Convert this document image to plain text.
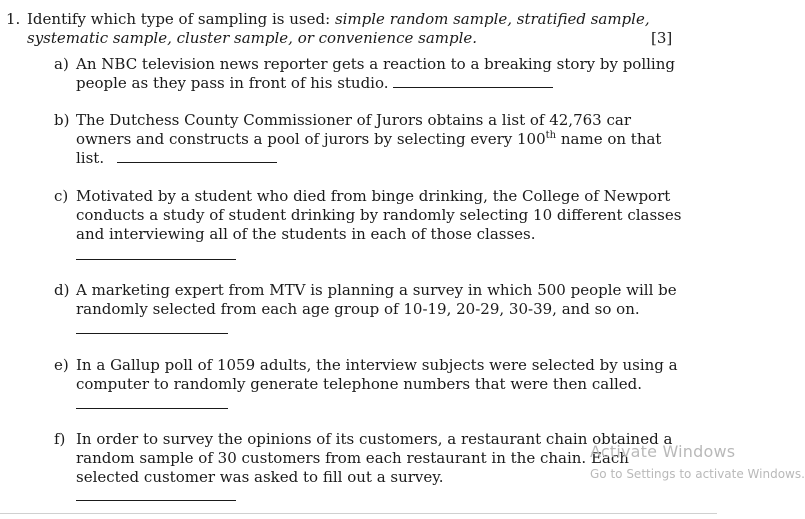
1. Identify which type of sampling is used: simple random sample, stratified sample,
systematic sample, cluster sample, or convenience sample.	[3]
a) An NBC television news reporter gets a reaction to a breaking story by polling
people as they pass in front of his studio.
b) The Dutchess County Commissioner of Jurors obtains a list of 42,763 car
owners and constructs a pool of jurors by selecting every 100th name on that
list.
c) Motivated by a student who died from binge drinking, the College of Newport
conducts a study of student drinking by randomly selecting 10 different classes
and interviewing all of the students in each of those classes.
d) A marketing expert from MTV is planning a survey in which 500 people will be
randomly selected from each age group of 10-19, 20-29, 30-39, and so on.
e) In a Gallup poll of 1059 adults, the interview subjects were selected by using a
computer to randomly generate telephone numbers that were then called.
f) In order to survey the opinions of its customers, a restaurant chain obtained a
random sample of 30 customers from each restaurant in the chain. Each
selected customer was asked to fill out a survey.
Activate Windows
Go to Settings to activate Windows.
